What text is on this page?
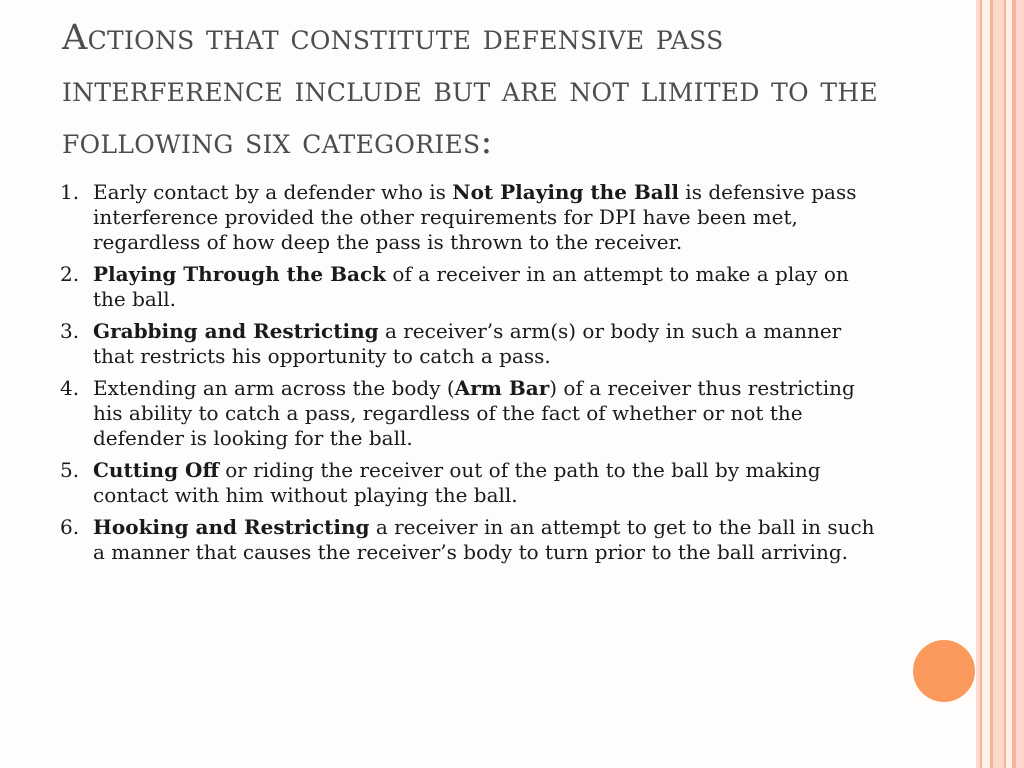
Actions that constitute defensive pass interference include but are not limited to the following six categories:
1. Early contact by a defender who is Not Playing the Ball is defensive pass interference provided the other requirements for DPI have been met, regardless of how deep the pass is thrown to the receiver.
2. Playing Through the Back of a receiver in an attempt to make a play on the ball.
3. Grabbing and Restricting a receiver’s arm(s) or body in such a manner that restricts his opportunity to catch a pass.
4. Extending an arm across the body (Arm Bar) of a receiver thus restricting his ability to catch a pass, regardless of the fact of whether or not the defender is looking for the ball.
5. Cutting Off or riding the receiver out of the path to the ball by making contact with him without playing the ball.
6. Hooking and Restricting a receiver in an attempt to get to the ball in such a manner that causes the receiver’s body to turn prior to the ball arriving.
